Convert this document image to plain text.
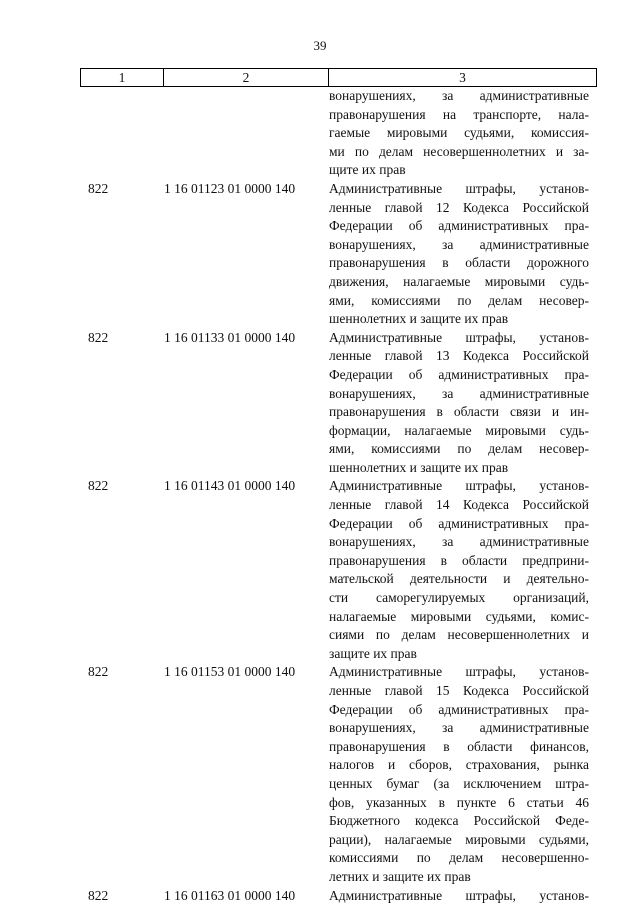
39
1	2	3
вонарушениях, за административные
правонарушения на транспорте, нала-
гаемые мировыми судьями, комиссия-
ми по делам несовершеннолетних и за-
щите их прав
822	1 16 01123 01 0000 140	Административные штрафы, установ-
ленные главой 12 Кодекса Российской
Федерации об административных пра-
вонарушениях, за административные
правонарушения в области дорожного
движения, налагаемые мировыми судь-
ями, комиссиями по делам несовер-
шеннолетних и защите их прав
822	1 16 01133 01 0000 140	Административные штрафы, установ-
ленные главой 13 Кодекса Российской
Федерации об административных пра-
вонарушениях, за административные
правонарушения в области связи и ин-
формации, налагаемые мировыми судь-
ями, комиссиями по делам несовер-
шеннолетних и защите их прав
822	1 16 01143 01 0000 140	Административные штрафы, установ-
ленные главой 14 Кодекса Российской
Федерации об административных пра-
вонарушениях, за административные
правонарушения в области предприни-
мательской деятельности и деятельно-
сти саморегулируемых организаций,
налагаемые мировыми судьями, комис-
сиями по делам несовершеннолетних и
защите их прав
822	1 16 01153 01 0000 140	Административные штрафы, установ-
ленные главой 15 Кодекса Российской
Федерации об административных пра-
вонарушениях, за административные
правонарушения в области финансов,
налогов и сборов, страхования, рынка
ценных бумаг (за исключением штра-
фов, указанных в пункте 6 статьи 46
Бюджетного кодекса Российской Феде-
рации), налагаемые мировыми судьями,
комиссиями по делам несовершенно-
летних и защите их прав
822	1 16 01163 01 0000 140	Административные штрафы, установ-
